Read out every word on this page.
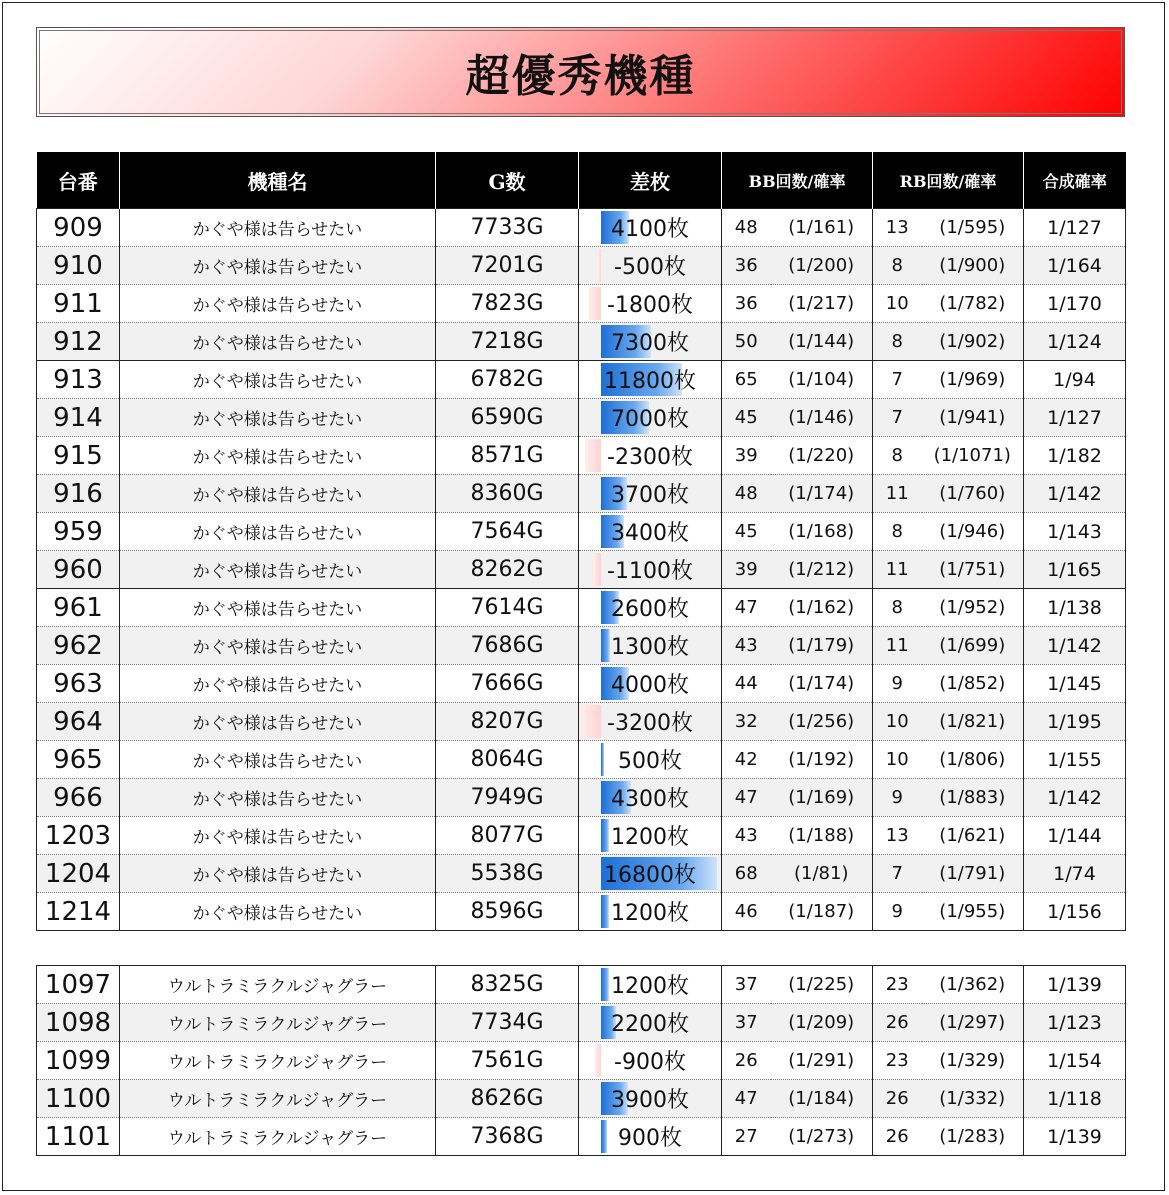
超優秀機種
台番	機種名	G数	差枚	BB回数/確率		RB回数/確率		合成確率
909	かぐや様は告らせたい	7733G	4100枚	48	(1/161)	13	(1/595)	1/127
910	かぐや様は告らせたい	7201G	-500枚	36	(1/200)	8	(1/900)	1/164
911	かぐや様は告らせたい	7823G	-1800枚	36	(1/217)	10	(1/782)	1/170
912	かぐや様は告らせたい	7218G	7300枚	50	(1/144)	8	(1/902)	1/124
913	かぐや様は告らせたい	6782G	11800枚	65	(1/104)	7	(1/969)	1/94
914	かぐや様は告らせたい	6590G	7000枚	45	(1/146)	7	(1/941)	1/127
915	かぐや様は告らせたい	8571G	-2300枚	39	(1/220)	8	(1/1071)	1/182
916	かぐや様は告らせたい	8360G	3700枚	48	(1/174)	11	(1/760)	1/142
959	かぐや様は告らせたい	7564G	3400枚	45	(1/168)	8	(1/946)	1/143
960	かぐや様は告らせたい	8262G	-1100枚	39	(1/212)	11	(1/751)	1/165
961	かぐや様は告らせたい	7614G	2600枚	47	(1/162)	8	(1/952)	1/138
962	かぐや様は告らせたい	7686G	1300枚	43	(1/179)	11	(1/699)	1/142
963	かぐや様は告らせたい	7666G	4000枚	44	(1/174)	9	(1/852)	1/145
964	かぐや様は告らせたい	8207G	-3200枚	32	(1/256)	10	(1/821)	1/195
965	かぐや様は告らせたい	8064G	500枚	42	(1/192)	10	(1/806)	1/155
966	かぐや様は告らせたい	7949G	4300枚	47	(1/169)	9	(1/883)	1/142
1203	かぐや様は告らせたい	8077G	1200枚	43	(1/188)	13	(1/621)	1/144
1204	かぐや様は告らせたい	5538G	16800枚	68	(1/81)	7	(1/791)	1/74
1214	かぐや様は告らせたい	8596G	1200枚	46	(1/187)	9	(1/955)	1/156
1097	ウルトラミラクルジャグラー	8325G	1200枚	37	(1/225)	23	(1/362)	1/139
1098	ウルトラミラクルジャグラー	7734G	2200枚	37	(1/209)	26	(1/297)	1/123
1099	ウルトラミラクルジャグラー	7561G	-900枚	26	(1/291)	23	(1/329)	1/154
1100	ウルトラミラクルジャグラー	8626G	3900枚	47	(1/184)	26	(1/332)	1/118
1101	ウルトラミラクルジャグラー	7368G	900枚	27	(1/273)	26	(1/283)	1/139
